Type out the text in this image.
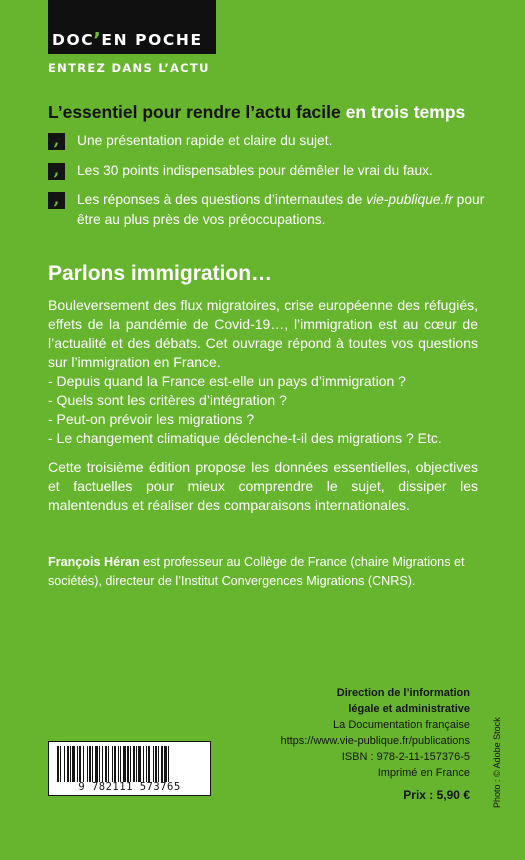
DOC’EN POCHE
ENTREZ DANS L’ACTU
L’essentiel pour rendre l’actu facile en trois temps
,	Une présentation rapide et claire du sujet.
,	Les 30 points indispensables pour démêler le vrai du faux.
,	Les réponses à des questions d’internautes de vie-publique.fr pour être au plus près de vos préoccupations.
Parlons immigration…

Bouleversement des flux migratoires, crise européenne des réfugiés, effets de la pandémie de Covid-19…, l’immigration est au cœur de l’actualité et des débats. Cet ouvrage répond à toutes vos questions sur l’immigration en France.

- Depuis quand la France est-elle un pays d’immigration ?
- Quels sont les critères d’intégration ?
- Peut-on prévoir les migrations ?
- Le changement climatique déclenche-t-il des migrations ? Etc.

Cette troisième édition propose les données essentielles, objectives et factuelles pour mieux comprendre le sujet, dissiper les malentendus et réaliser des comparaisons internationales.

François Héran est professeur au Collège de France (chaire Migrations et sociétés), directeur de l’Institut Convergences Migrations (CNRS).
Direction de l’information
légale et administrative
La Documentation française
https://www.vie-publique.fr/publications
ISBN : 978-2-11-157376-5
Imprimé en France
Prix : 5,90 € Photo : © Adobe Stock
9 782111 573765
